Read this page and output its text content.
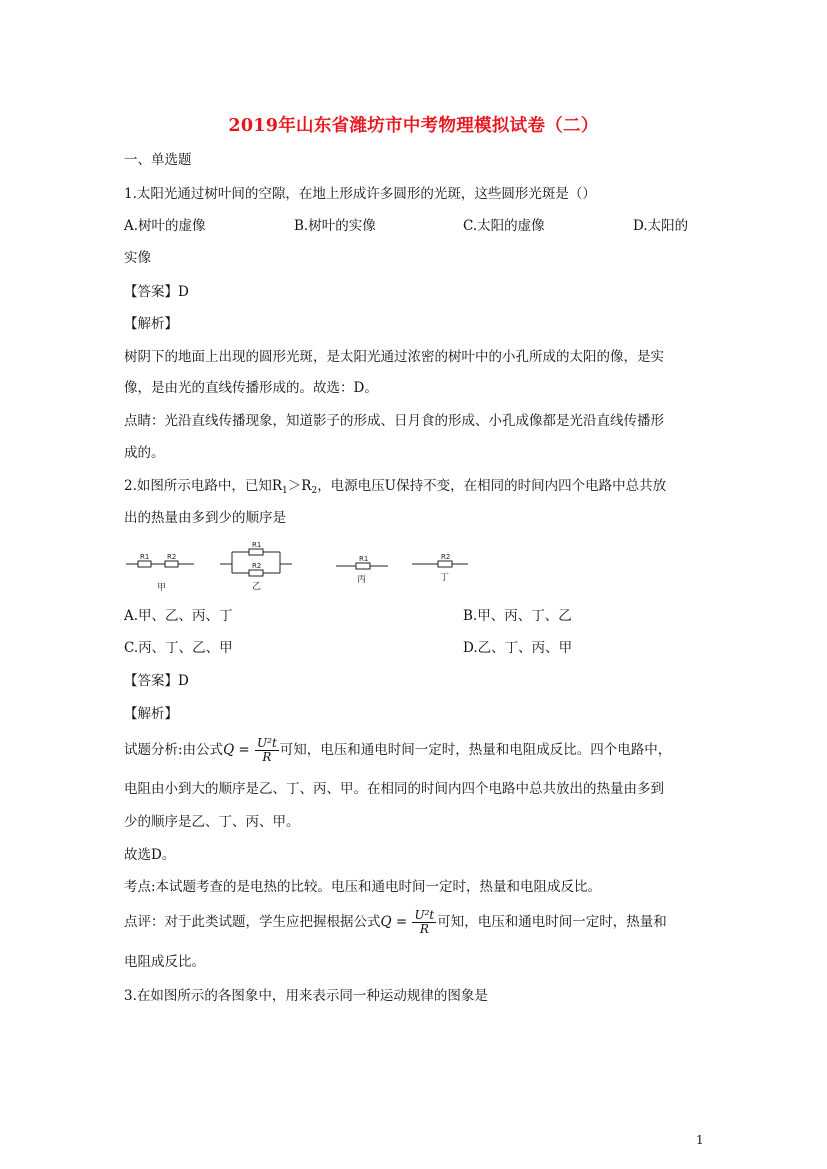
2019年山东省潍坊市中考物理模拟试卷（二）
一、单选题
1.太阳光通过树叶间的空隙，在地上形成许多圆形的光斑，这些圆形光斑是（）
A.树叶的虚像	B.树叶的实像	C.太阳的虚像	D.太阳的
实像
【答案】D
【解析】
树阴下的地面上出现的圆形光斑，是太阳光通过浓密的树叶中的小孔所成的太阳的像，是实
像，是由光的直线传播形成的。故选：D。
点睛：光沿直线传播现象，知道影子的形成、日月食的形成、小孔成像都是光沿直线传播形
成的。
2.如图所示电路中，已知$R_1>R_2$，电源电压U保持不变，在相同的时间内四个电路中总共放
出的热量由多到少的顺序是
R1	R2
R1
R2
R1	R2
甲	乙
丙	丁
A.甲、乙、丙、丁	B.甲、丙、丁、乙
C.丙、丁、乙、甲	D.乙、丁、丙、甲
【答案】D
【解析】
试题分析:由公式$Q = \frac{\text{U²t}}{R}$ 可知，电压和通电时间一定时，热量和电阻成反比。四个电路中，
电阻由小到大的顺序是乙、丁、丙、甲。在相同的时间内四个电路中总共放出的热量由多到
少的顺序是乙、丁、丙、甲。
故选D。
考点:本试题考查的是电热的比较。电压和通电时间一定时，热量和电阻成反比。
点评：对于此类试题，学生应把握根据公式$Q = \frac{\text{U²t}}{R}$ 可知，电压和通电时间一定时，热量和
电阻成反比。
3.在如图所示的各图象中，用来表示同一种运动规律的图象是
1
